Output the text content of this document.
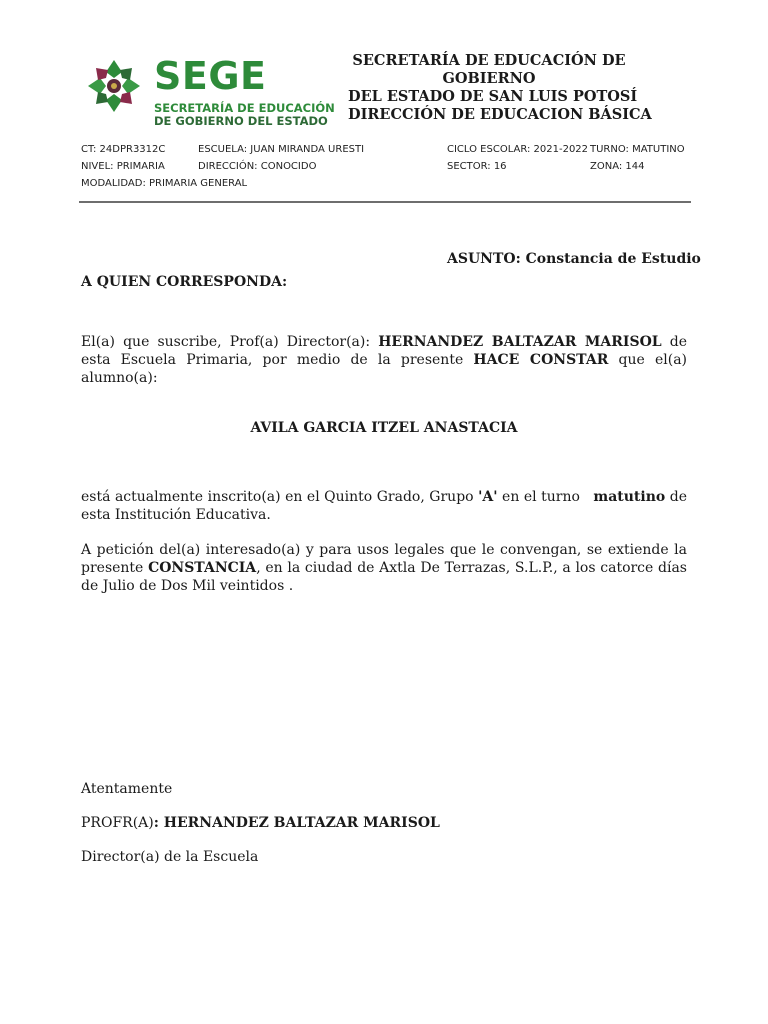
SEGE
SECRETARÍA DE EDUCACIÓN
DE GOBIERNO DEL ESTADO
SECRETARÍA DE EDUCACIÓN DE
GOBIERNO
DEL ESTADO DE SAN LUIS POTOSÍ
DIRECCIÓN DE EDUCACION BÁSICA
CT: 24DPR3312C
NIVEL: PRIMARIA
MODALIDAD: PRIMARIA GENERAL
ESCUELA: JUAN MIRANDA URESTI
DIRECCIÓN: CONOCIDO
CICLO ESCOLAR: 2021-2022
SECTOR: 16
TURNO: MATUTINO
ZONA: 144
ASUNTO: Constancia de Estudio
A QUIEN CORRESPONDA:
El(a) que suscribe, Prof(a) Director(a): HERNANDEZ BALTAZAR MARISOL de esta Escuela Primaria, por medio de la presente HACE CONSTAR que el(a) alumno(a):
AVILA GARCIA ITZEL ANASTACIA
está actualmente inscrito(a) en el Quinto Grado, Grupo 'A' en el turno   matutino de esta Institución Educativa.
A petición del(a) interesado(a) y para usos legales que le convengan, se extiende la presente CONSTANCIA, en la ciudad de Axtla De Terrazas, S.L.P., a los catorce días de Julio de Dos Mil veintidos .
Atentamente
PROFR(A): HERNANDEZ BALTAZAR MARISOL
Director(a) de la Escuela
